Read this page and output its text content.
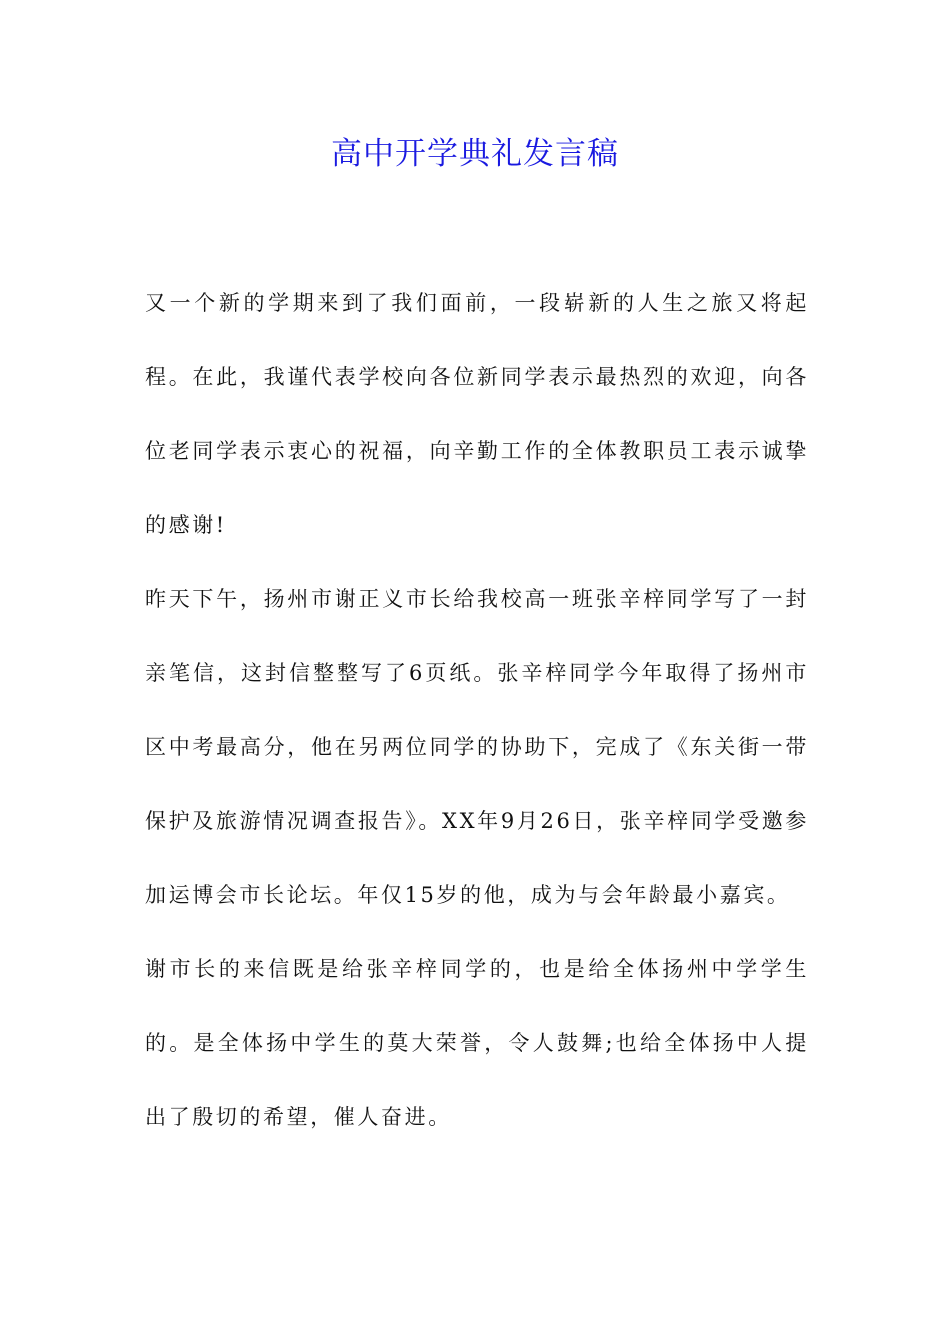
高中开学典礼发言稿

又一个新的学期来到了我们面前，一段崭新的人生之旅又将起程。在此，我谨代表学校向各位新同学表示最热烈的欢迎，向各位老同学表示衷心的祝福，向辛勤工作的全体教职员工表示诚挚的感谢!

昨天下午，扬州市谢正义市长给我校高一班张辛梓同学写了一封亲笔信，这封信整整写了6页纸。张辛梓同学今年取得了扬州市区中考最高分，他在另两位同学的协助下，完成了《东关街一带保护及旅游情况调查报告》。XX年9月26日，张辛梓同学受邀参加运博会市长论坛。年仅15岁的他，成为与会年龄最小嘉宾。

谢市长的来信既是给张辛梓同学的，也是给全体扬州中学学生的。是全体扬中学生的莫大荣誉，令人鼓舞;也给全体扬中人提出了殷切的希望，催人奋进。
